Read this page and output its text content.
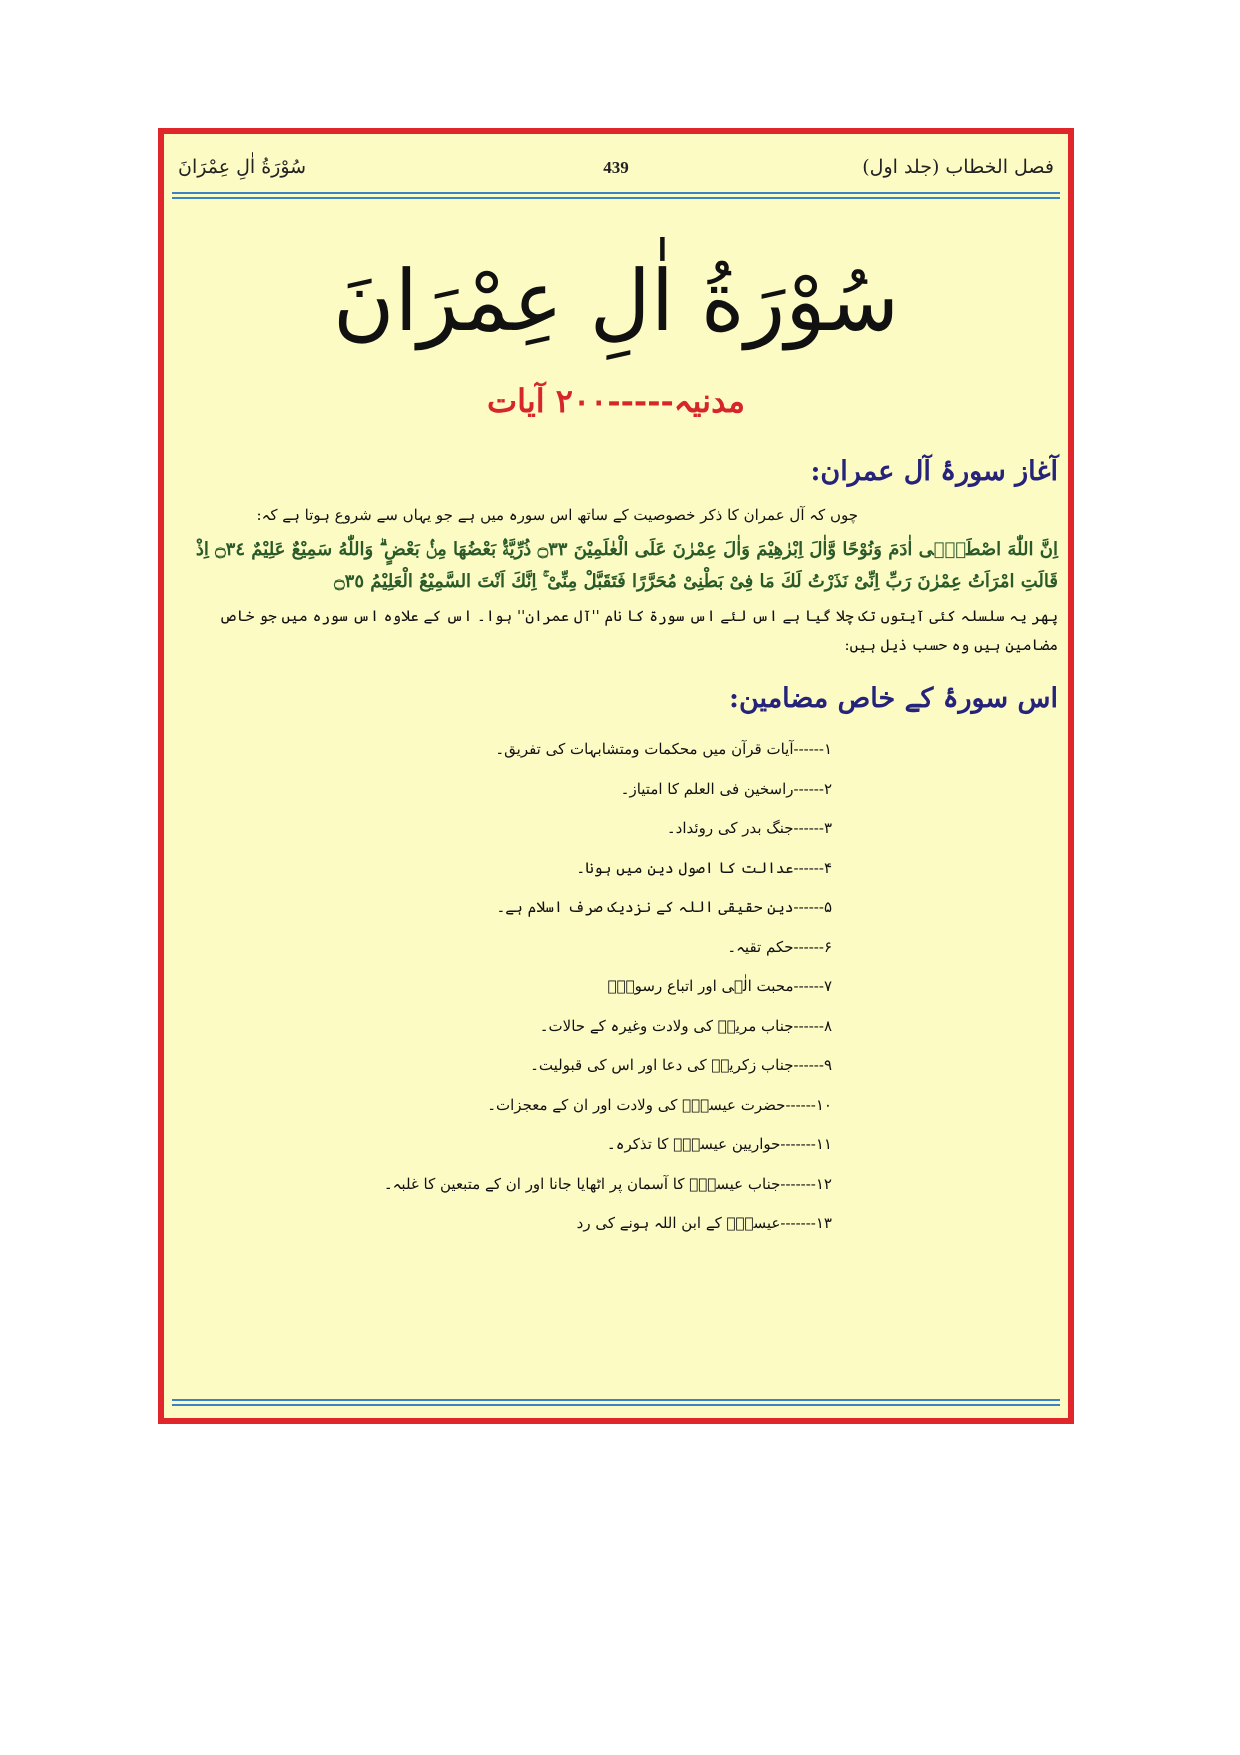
فصل الخطاب (جلد اول)
439
سُوْرَةُ اٰلِ عِمْرَانَ
سُوْرَةُ اٰلِ عِمْرَانَ
مدنیہ-----۲۰۰ آیات
آغاز سورۂ آل عمران:

چوں کہ آل عمران کا ذکر خصوصیت کے ساتھ اس سورہ میں ہے جو یہاں سے شروع ہوتا ہے کہ:

اِنَّ اللّٰهَ اصْطَفٰۤى اٰدَمَ وَنُوْحًا وَّاٰلَ اِبْرٰهِيْمَ وَاٰلَ عِمْرٰنَ عَلَى الْعٰلَمِيْنَ ۝٣٣ ذُرِّيَّةًۢ بَعْضُهَا مِنْۢ بَعْضٍ ۗ وَاللّٰهُ سَمِيْعٌ عَلِيْمٌ ۝٣٤ اِذْ قَالَتِ امْرَاَتُ عِمْرٰنَ رَبِّ اِنِّىْ نَذَرْتُ لَكَ مَا فِىْ بَطْنِىْ مُحَرَّرًا فَتَقَبَّلْ مِنِّىْ ۚ اِنَّكَ اَنْتَ السَّمِيْعُ الْعَلِيْمُ ۝٣٥

پھر یہ سلسلہ کئی آیتوں تک چلا گیا ہے اس لئے اس سورۃ کا نام ''آل عمران'' ہوا۔ اس کے علاوہ اس سورہ میں جو خاص مضامین ہیں وہ حسب ذیل ہیں:

اس سورۂ کے خاص مضامین:
۱------آیات قرآن میں محکمات ومتشابہات کی تفریق۔
۲------راسخین فی العلم کا امتیاز۔
۳------جنگ بدر کی روئداد۔
۴------عدالت کا اصول دین میں ہونا۔
۵------دین حقیقی اللہ کے نزدیک صرف اسلام ہے۔
۶------حکم تقیہ۔
۷------محبت الٰہی اور اتباع رسولؐ۔
۸------جناب مریمؑ کی ولادت وغیرہ کے حالات۔
۹------جناب زکریاؑ کی دعا اور اس کی قبولیت۔
۱۰------حضرت عیسیٰؑ کی ولادت اور ان کے معجزات۔
۱۱-------حواریین عیسیٰؑ کا تذکرہ۔
۱۲-------جناب عیسیٰؑ کا آسمان پر اٹھایا جانا اور ان کے متبعین کا غلبہ۔
۱۳-------عیسیٰؑ کے ابن اللہ ہونے کی رد
